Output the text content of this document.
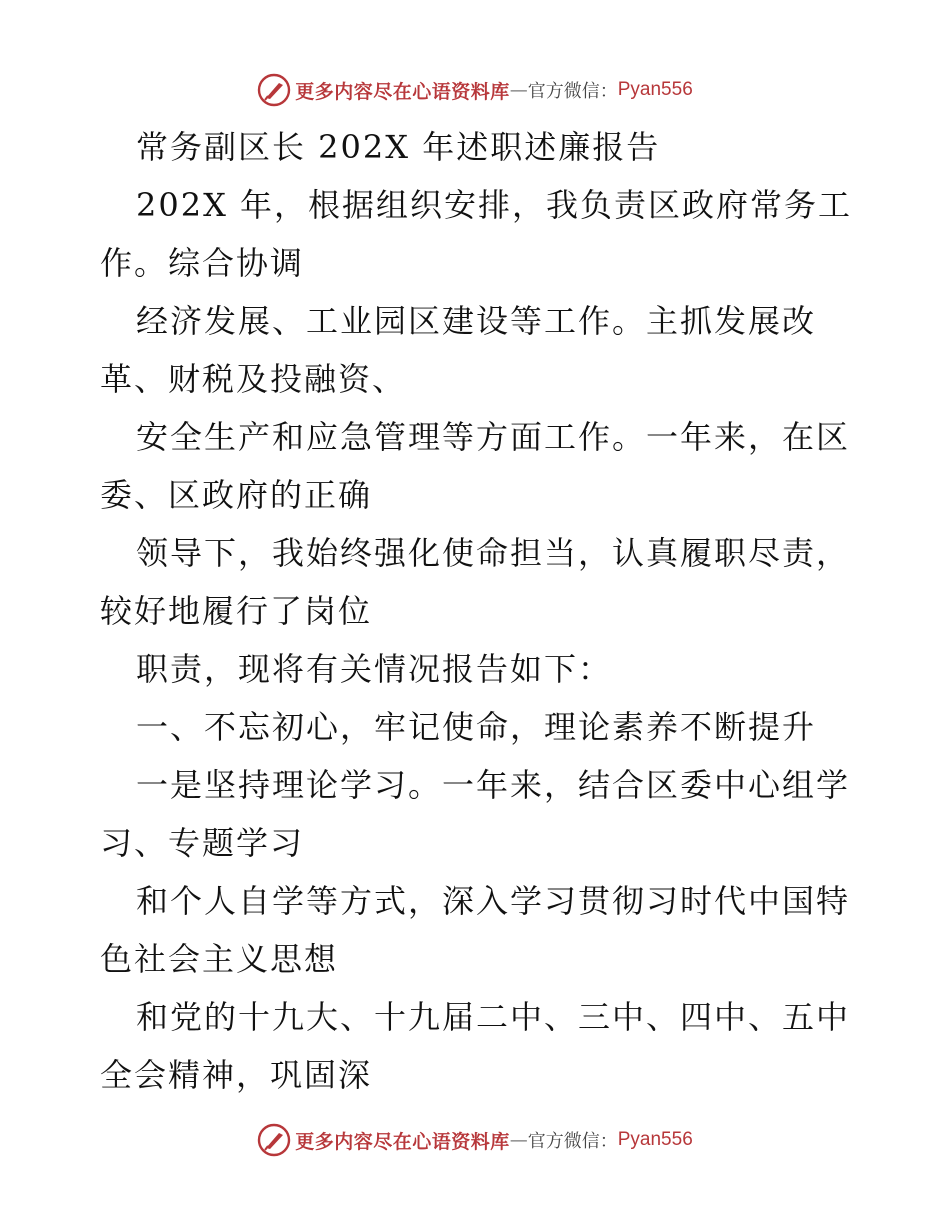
更多内容尽在心语资料库 — 官方微信： Pyan556
常务副区长 202X 年述职述廉报告
202X 年，根据组织安排，我负责区政府常务工
作。综合协调
经济发展、工业园区建设等工作。主抓发展改
革、财税及投融资、
安全生产和应急管理等方面工作。一年来，在区
委、区政府的正确
领导下，我始终强化使命担当，认真履职尽责，
较好地履行了岗位
职责，现将有关情况报告如下：
一、不忘初心，牢记使命，理论素养不断提升
一是坚持理论学习。一年来，结合区委中心组学
习、专题学习
和个人自学等方式，深入学习贯彻习时代中国特
色社会主义思想
和党的十九大、十九届二中、三中、四中、五中
全会精神，巩固深
更多内容尽在心语资料库 — 官方微信： Pyan556
